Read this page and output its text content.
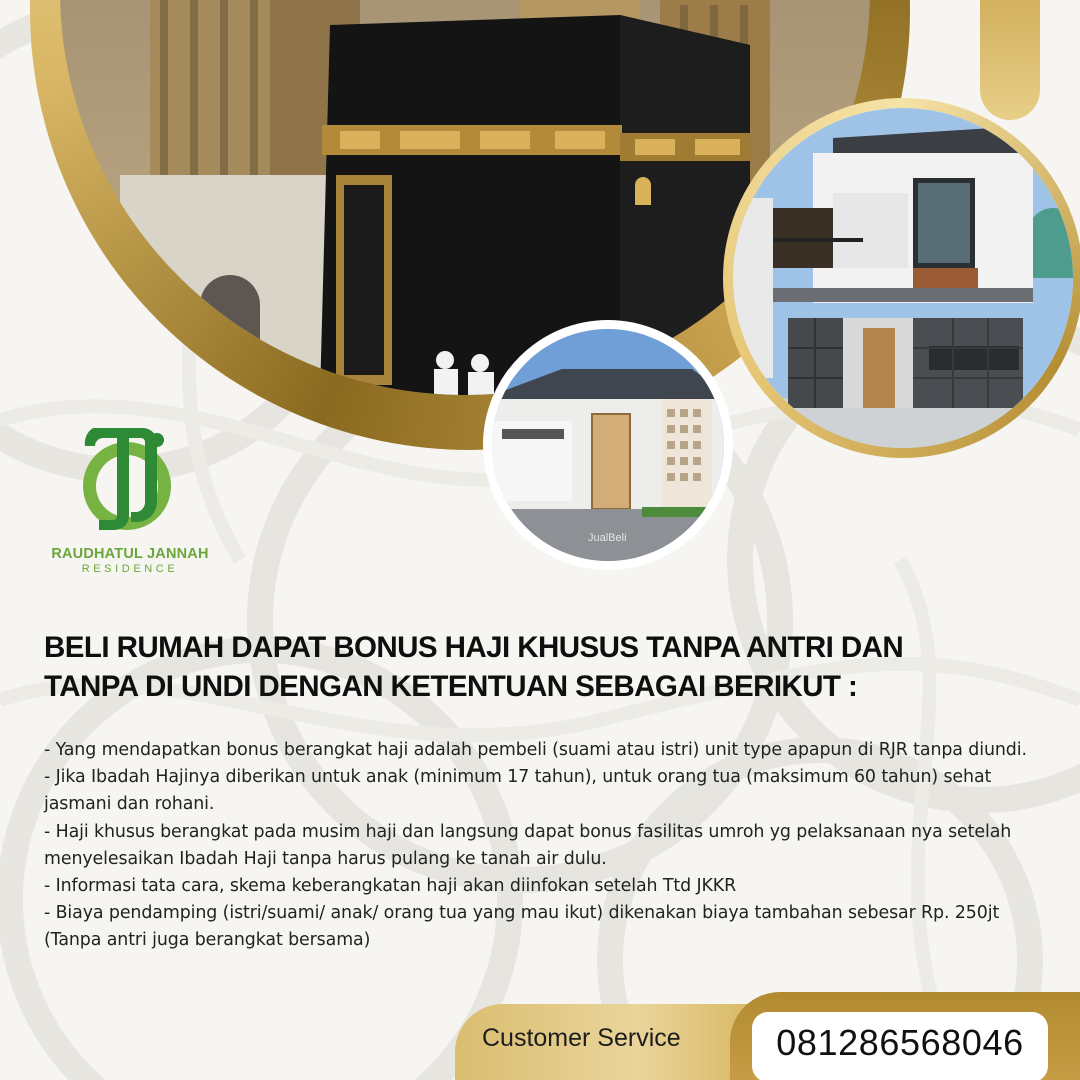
JualBeli
RAUDHATUL JANNAH
RESIDENCE
BELI RUMAH DAPAT BONUS HAJI KHUSUS TANPA ANTRI DAN
TANPA DI UNDI DENGAN KETENTUAN SEBAGAI BERIKUT :
- Yang mendapatkan bonus berangkat haji adalah pembeli (suami atau istri) unit type apapun di RJR tanpa diundi.
- Jika Ibadah Hajinya diberikan untuk anak (minimum 17 tahun), untuk orang tua (maksimum 60 tahun) sehat jasmani dan rohani.
- Haji khusus berangkat pada musim haji dan langsung dapat bonus fasilitas umroh yg pelaksanaan nya setelah menyelesaikan Ibadah Haji tanpa harus pulang ke tanah air dulu.
- Informasi tata cara, skema keberangkatan haji akan diinfokan setelah Ttd JKKR
- Biaya pendamping (istri/suami/ anak/ orang tua yang mau ikut) dikenakan biaya tambahan sebesar Rp. 250jt (Tanpa antri juga berangkat bersama)
Customer Service	081286568046
